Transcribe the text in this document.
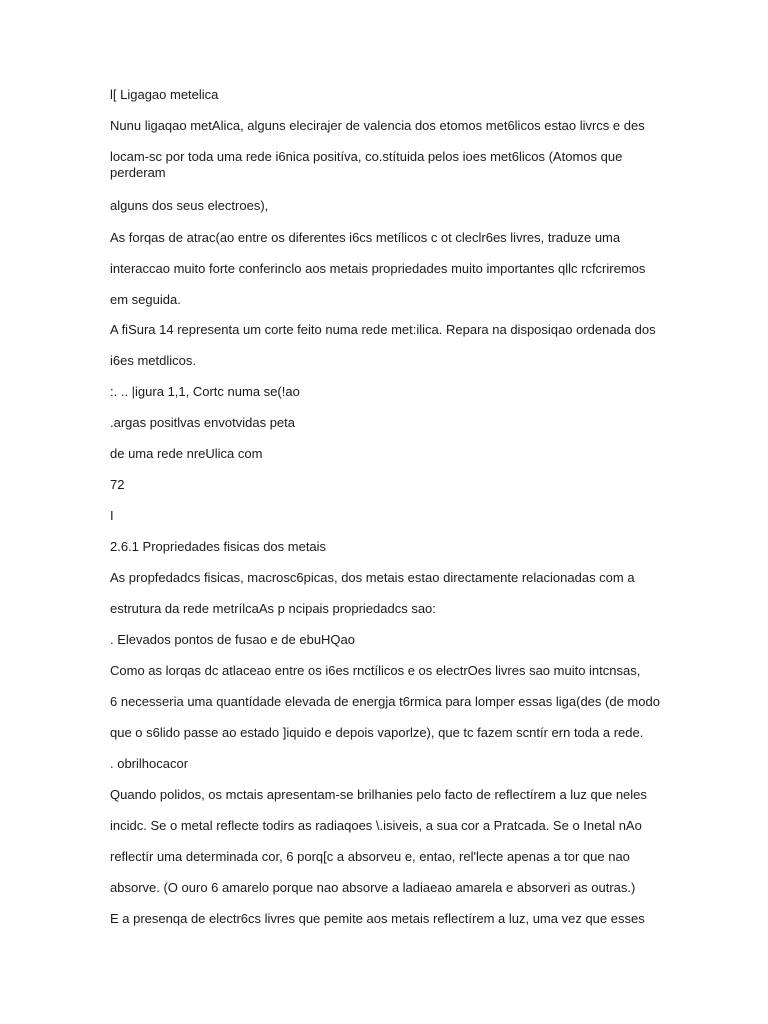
l[ Ligagao metelica

Nunu ligaqao metAlica, alguns elecirajer de valencia dos etomos met6licos estao livrcs e des

locam-sc por toda uma rede i6nica positíva, co.stítuida pelos ioes met6licos (Atomos que perderam

alguns dos seus electroes),

As forqas de atrac(ao entre os diferentes i6cs metílicos c ot cleclr6es livres, traduze uma

interaccao muito forte conferinclo aos metais propriedades muito importantes qllc rcfcriremos

em seguida.

A fiSura 14 representa um corte feito numa rede met:ilica. Repara na disposiqao ordenada dos

i6es metdlicos.

:. .. |igura 1,1, Cortc numa se(!ao

.argas positlvas envotvidas peta

de uma rede nreUlica com

72

I

2.6.1 Propriedades fisicas dos metais

As propfedadcs fisicas, macrosc6picas, dos metais estao directamente relacionadas com a

estrutura da rede metrílcaAs p ncipais propriedadcs sao:

. Elevados pontos de fusao e de ebuHQao

Como as lorqas dc atlaceao entre os i6es rnctílicos e os electrOes livres sao muito intcnsas,

6 necesseria uma quantídade elevada de energja t6rmica para lomper essas liga(des (de modo

que o s6lido passe ao estado ]iquido e depois vaporlze), que tc fazem scntír ern toda a rede.

. obrilhocacor

Quando polidos, os mctais apresentam-se brilhanies pelo facto de reflectírem a luz que neles

incidc. Se o metal reflecte todirs as radiaqoes \.isiveis, a sua cor a Pratcada. Se o Inetal nAo

reflectír uma determinada cor, 6 porq[c a absorveu e, entao, rel'lecte apenas a tor que nao

absorve. (O ouro 6 amarelo porque nao absorve a ladiaeao amarela e absorveri as outras.)

E a presenqa de electr6cs livres que pemite aos metais reflectírem a luz, uma vez que esses
